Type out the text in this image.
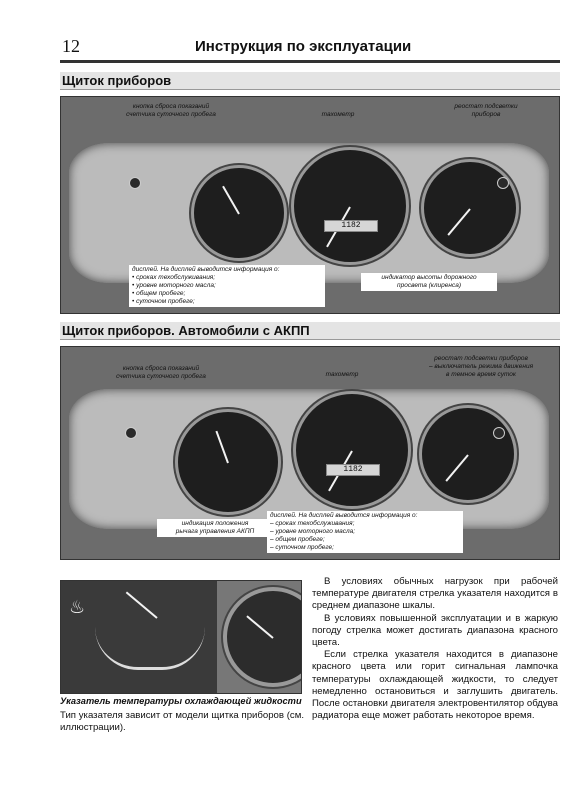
12	Инструкция по эксплуатации
Щиток приборов
1182
кнопка сброса показаний
счетчика суточного пробега	тахометр
реостат подсветки
приборов
дисплей. На дисплей выводится информация о:
• сроках техобслуживания;
• уровне моторного масла;
• общем пробеге;
• суточном пробеге;
индикатор высоты дорожного
просвета (клиренса)
Щиток приборов. Автомобили с АКПП
1182
кнопка сброса показаний
счетчика суточного пробега	тахометр
реостат подсветки приборов
– выключатель режима движения
в темное время суток
индикация положения
рычага управления АКПП
дисплей. На дисплей выводится информация о:
– сроках техобслуживания;
– уровне моторного масла;
– общем пробеге;
– суточном пробеге;
♨
Указатель температуры охлаждающей жидкости
Тип указателя зависит от модели щитка приборов (см. иллюстрации).

В условиях обычных нагрузок при рабочей температуре двигателя стрелка указателя находится в среднем диапазоне шкалы.

В условиях повышенной эксплуатации и в жаркую погоду стрелка может достигать диапазона красного цвета.

Если стрелка указателя находится в диапазоне красного цвета или горит сигнальная лампочка температуры охлаждающей жидкости, то следует немедленно остановиться и заглушить двигатель. После остановки двигателя электровентилятор обдува радиатора еще может работать некоторое время.
